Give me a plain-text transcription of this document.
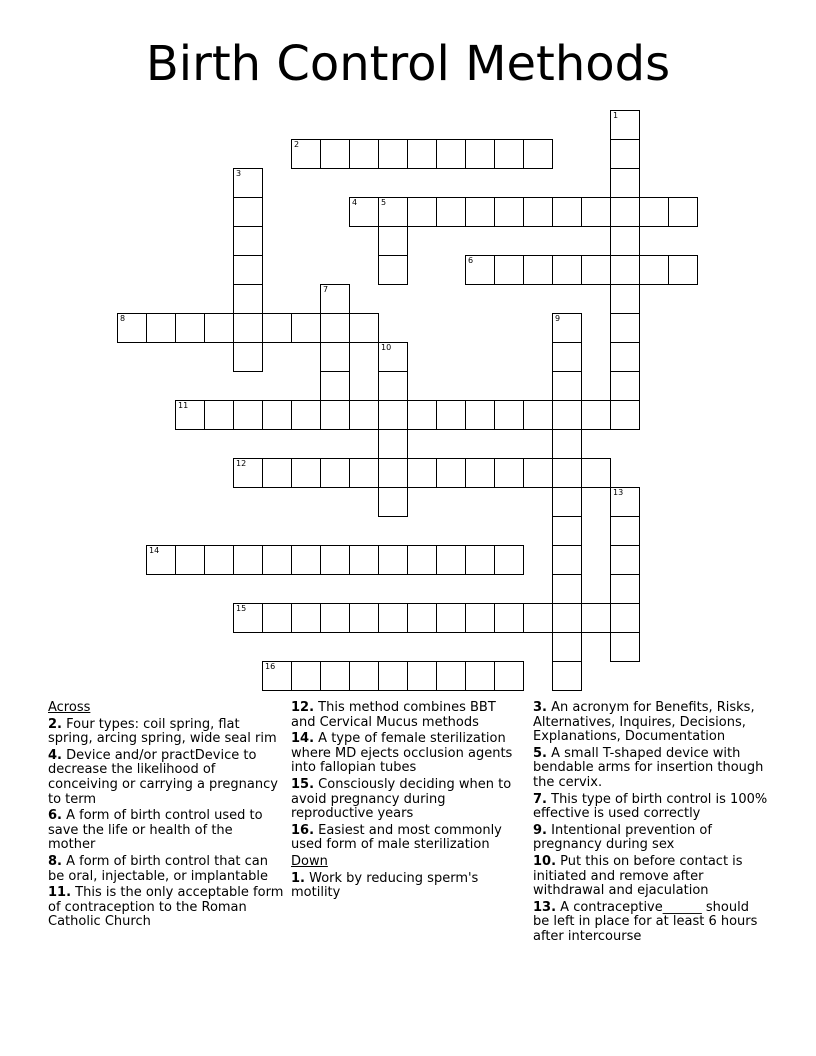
Birth Control Methods
2
4	5
6
8
11
12
14
15
16
1
3
7
9
10
13
Across
2. Four types: coil spring, flat spring, arcing spring, wide seal rim
4. Device and/or practDevice to decrease the likelihood of conceiving or carrying a pregnancy to term
6. A form of birth control used to save the life or health of the mother
8. A form of birth control that can be oral, injectable, or implantable
11. This is the only acceptable form of contraception to the Roman Catholic Church
12. This method combines BBT and Cervical Mucus methods
14. A type of female sterilization where MD ejects occlusion agents into fallopian tubes
15. Consciously deciding when to avoid pregnancy during reproductive years
16. Easiest and most commonly used form of male sterilization
Down
1. Work by reducing sperm's motility
3. An acronym for Benefits, Risks, Alternatives, Inquires, Decisions, Explanations, Documentation
5. A small T-shaped device with bendable arms for insertion though the cervix.
7. This type of birth control is 100% effective is used correctly
9. Intentional prevention of pregnancy during sex
10. Put this on before contact is initiated and remove after withdrawal and ejaculation
13. A contraceptive______ should be left in place for at least 6 hours after intercourse
